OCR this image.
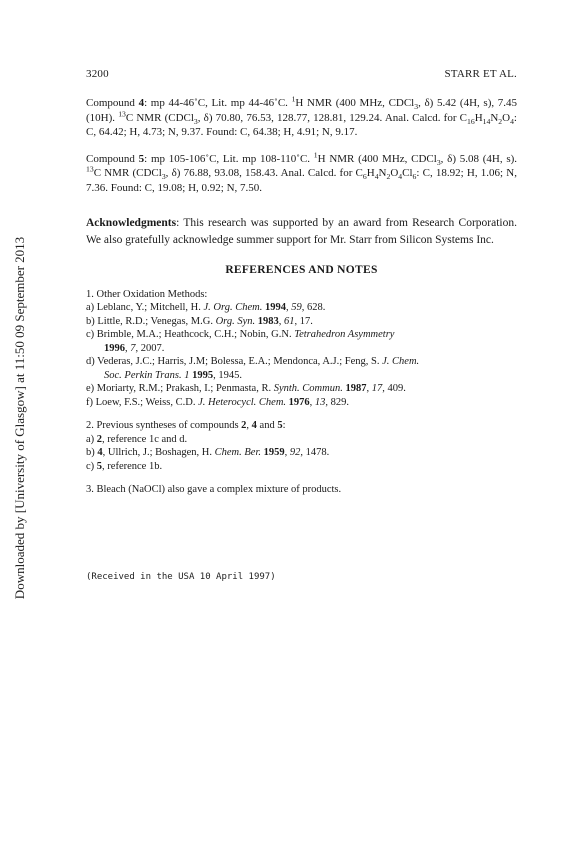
Downloaded by [University of Glasgow] at 11:50 09 September 2013
3200	STARR ET AL.

Compound 4: mp 44-46˚C, Lit. mp 44-46˚C. $^1$H NMR (400 MHz, CDCl$_3$, δ) 5.42 (4H, s), 7.45 (10H). $^{13}$C NMR (CDCl$_3$, δ) 70.80, 76.53, 128.77, 128.81, 129.24. Anal. Calcd. for $C_{16}H_{14}N_2O_4$: C, 64.42; H, 4.73; N, 9.37. Found: C, 64.38; H, 4.91; N, 9.17.

Compound 5: mp 105-106˚C, Lit. mp 108-110˚C. $^1$H NMR (400 MHz, CDCl$_3$, δ) 5.08 (4H, s). $^{13}$C NMR (CDCl$_3$, δ) 76.88, 93.08, 158.43. Anal. Calcd. for $C_6H_4N_2O_4Cl_6$: C, 18.92; H, 1.06; N, 7.36. Found: C, 19.08; H, 0.92; N, 7.50.

Acknowledgments: This research was supported by an award from Research Corporation. We also gratefully acknowledge summer support for Mr. Starr from Silicon Systems Inc.

REFERENCES AND NOTES

1. Other Oxidation Methods:

a) Leblanc, Y.; Mitchell, H. J. Org. Chem. 1994, 59, 628.

b) Little, R.D.; Venegas, M.G. Org. Syn. 1983, 61, 17.

c) Brimble, M.A.; Heathcock, C.H.; Nobin, G.N. Tetrahedron Asymmetry

1996, 7, 2007.

d) Vederas, J.C.; Harris, J.M; Bolessa, E.A.; Mendonca, A.J.; Feng, S. J. Chem.

Soc. Perkin Trans. 1 1995, 1945.

e) Moriarty, R.M.; Prakash, I.; Penmasta, R. Synth. Commun. 1987, 17, 409.

f) Loew, F.S.; Weiss, C.D. J. Heterocycl. Chem. 1976, 13, 829.

2. Previous syntheses of compounds 2, 4 and 5:

a) 2, reference 1c and d.

b) 4, Ullrich, J.; Boshagen, H. Chem. Ber. 1959, 92, 1478.

c) 5, reference 1b.

3. Bleach (NaOCl) also gave a complex mixture of products.

(Received in the USA 10 April 1997)
